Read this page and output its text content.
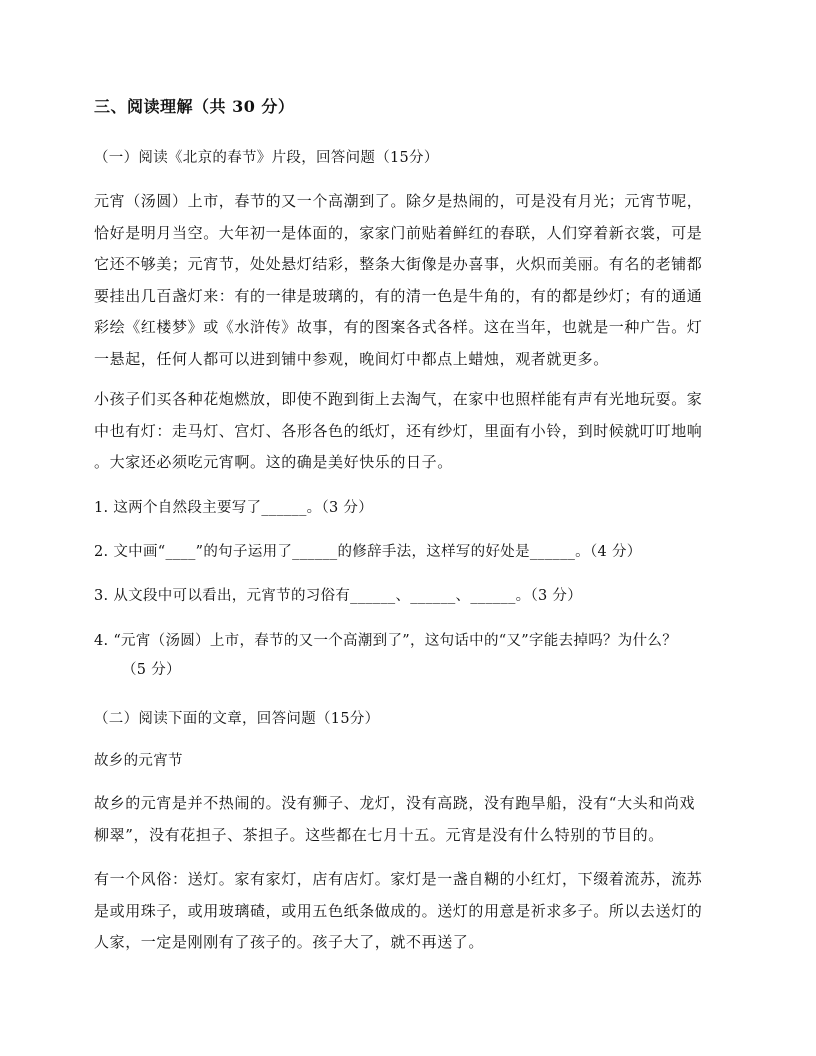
三、阅读理解（共 30 分）
（一）阅读《北京的春节》片段，回答问题（15分）
元宵（汤圆）上市，春节的又一个高潮到了。除夕是热闹的，可是没有月光；元宵节呢，
恰好是明月当空。大年初一是体面的，家家门前贴着鲜红的春联，人们穿着新衣裳，可是
它还不够美；元宵节，处处悬灯结彩，整条大街像是办喜事，火炽而美丽。有名的老铺都
要挂出几百盏灯来：有的一律是玻璃的，有的清一色是牛角的，有的都是纱灯；有的通通
彩绘《红楼梦》或《水浒传》故事，有的图案各式各样。这在当年，也就是一种广告。灯
一悬起，任何人都可以进到铺中参观，晚间灯中都点上蜡烛，观者就更多。
小孩子们买各种花炮燃放，即使不跑到街上去淘气，在家中也照样能有声有光地玩耍。家
中也有灯：走马灯、宫灯、各形各色的纸灯，还有纱灯，里面有小铃，到时候就叮叮地响
。大家还必须吃元宵啊。这的确是美好快乐的日子。
1. 这两个自然段主要写了______。（3 分）
2. 文中画“____”的句子运用了______的修辞手法，这样写的好处是______。（4 分）
3. 从文段中可以看出，元宵节的习俗有______、______、______。（3 分）
4. “元宵（汤圆）上市，春节的又一个高潮到了”，这句话中的“又”字能去掉吗？为什么？
（5 分）
（二）阅读下面的文章，回答问题（15分）
故乡的元宵节
故乡的元宵是并不热闹的。没有狮子、龙灯，没有高跷，没有跑旱船，没有“大头和尚戏
柳翠”，没有花担子、茶担子。这些都在七月十五。元宵是没有什么特别的节目的。
有一个风俗：送灯。家有家灯，店有店灯。家灯是一盏自糊的小红灯，下缀着流苏，流苏
是或用珠子，或用玻璃碴，或用五色纸条做成的。送灯的用意是祈求多子。所以去送灯的
人家，一定是刚刚有了孩子的。孩子大了，就不再送了。
